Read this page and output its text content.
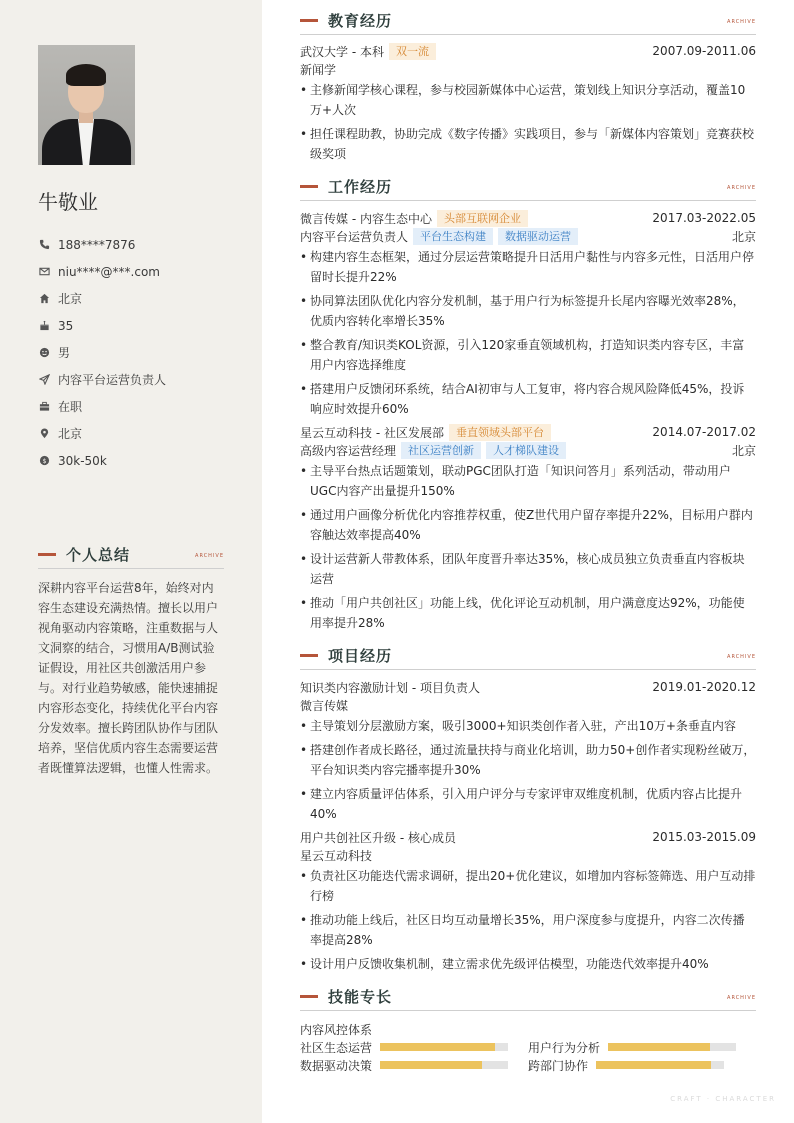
牛敬业
188****7876
niu****@***.com
北京
35
男
内容平台运营负责人
在职
北京
$ 30k-50k
个人总结	ARCHIVE
深耕内容平台运营8年，始终对内容生态建设充满热情。擅长以用户视角驱动内容策略，注重数据与人文洞察的结合，习惯用A/B测试验证假设，用社区共创激活用户参与。对行业趋势敏感，能快速捕捉内容形态变化，持续优化平台内容分发效率。擅长跨团队协作与团队培养，坚信优质内容生态需要运营者既懂算法逻辑，也懂人性需求。
教育经历	ARCHIVE
武汉大学 - 本科	双一流	2007.09-2011.06
新闻学
• 主修新闻学核心课程，参与校园新媒体中心运营，策划线上知识分享活动，覆盖10万+人次
• 担任课程助教，协助完成《数字传播》实践项目，参与「新媒体内容策划」竞赛获校级奖项
工作经历	ARCHIVE
微言传媒 - 内容生态中心	头部互联网企业	2017.03-2022.05
内容平台运营负责人	平台生态构建	数据驱动运营	北京
• 构建内容生态框架，通过分层运营策略提升日活用户黏性与内容多元性，日活用户停留时长提升22%
• 协同算法团队优化内容分发机制，基于用户行为标签提升长尾内容曝光效率28%，优质内容转化率增长35%
• 整合教育/知识类KOL资源，引入120家垂直领域机构，打造知识类内容专区，丰富用户内容选择维度
• 搭建用户反馈闭环系统，结合AI初审与人工复审，将内容合规风险降低45%，投诉响应时效提升60%
星云互动科技 - 社区发展部	垂直领域头部平台	2014.07-2017.02
高级内容运营经理	社区运营创新	人才梯队建设	北京
• 主导平台热点话题策划，联动PGC团队打造「知识问答月」系列活动，带动用户UGC内容产出量提升150%
• 通过用户画像分析优化内容推荐权重，使Z世代用户留存率提升22%，目标用户群内容触达效率提高40%
• 设计运营新人带教体系，团队年度晋升率达35%，核心成员独立负责垂直内容板块运营
• 推动「用户共创社区」功能上线，优化评论互动机制，用户满意度达92%，功能使用率提升28%
项目经历	ARCHIVE
知识类内容激励计划 - 项目负责人	2019.01-2020.12
微言传媒
• 主导策划分层激励方案，吸引3000+知识类创作者入驻，产出10万+条垂直内容
• 搭建创作者成长路径，通过流量扶持与商业化培训，助力50+创作者实现粉丝破万，平台知识类内容完播率提升30%
• 建立内容质量评估体系，引入用户评分与专家评审双维度机制，优质内容占比提升40%
用户共创社区升级 - 核心成员	2015.03-2015.09
星云互动科技
• 负责社区功能迭代需求调研，提出20+优化建议，如增加内容标签筛选、用户互动排行榜
• 推动功能上线后，社区日均互动量增长35%，用户深度参与度提升，内容二次传播率提高28%
• 设计用户反馈收集机制，建立需求优先级评估模型，功能迭代效率提升40%
技能专长	ARCHIVE
内容风控体系
社区生态运营	用户行为分析
数据驱动决策	跨部门协作
CRAFT · CHARACTER
